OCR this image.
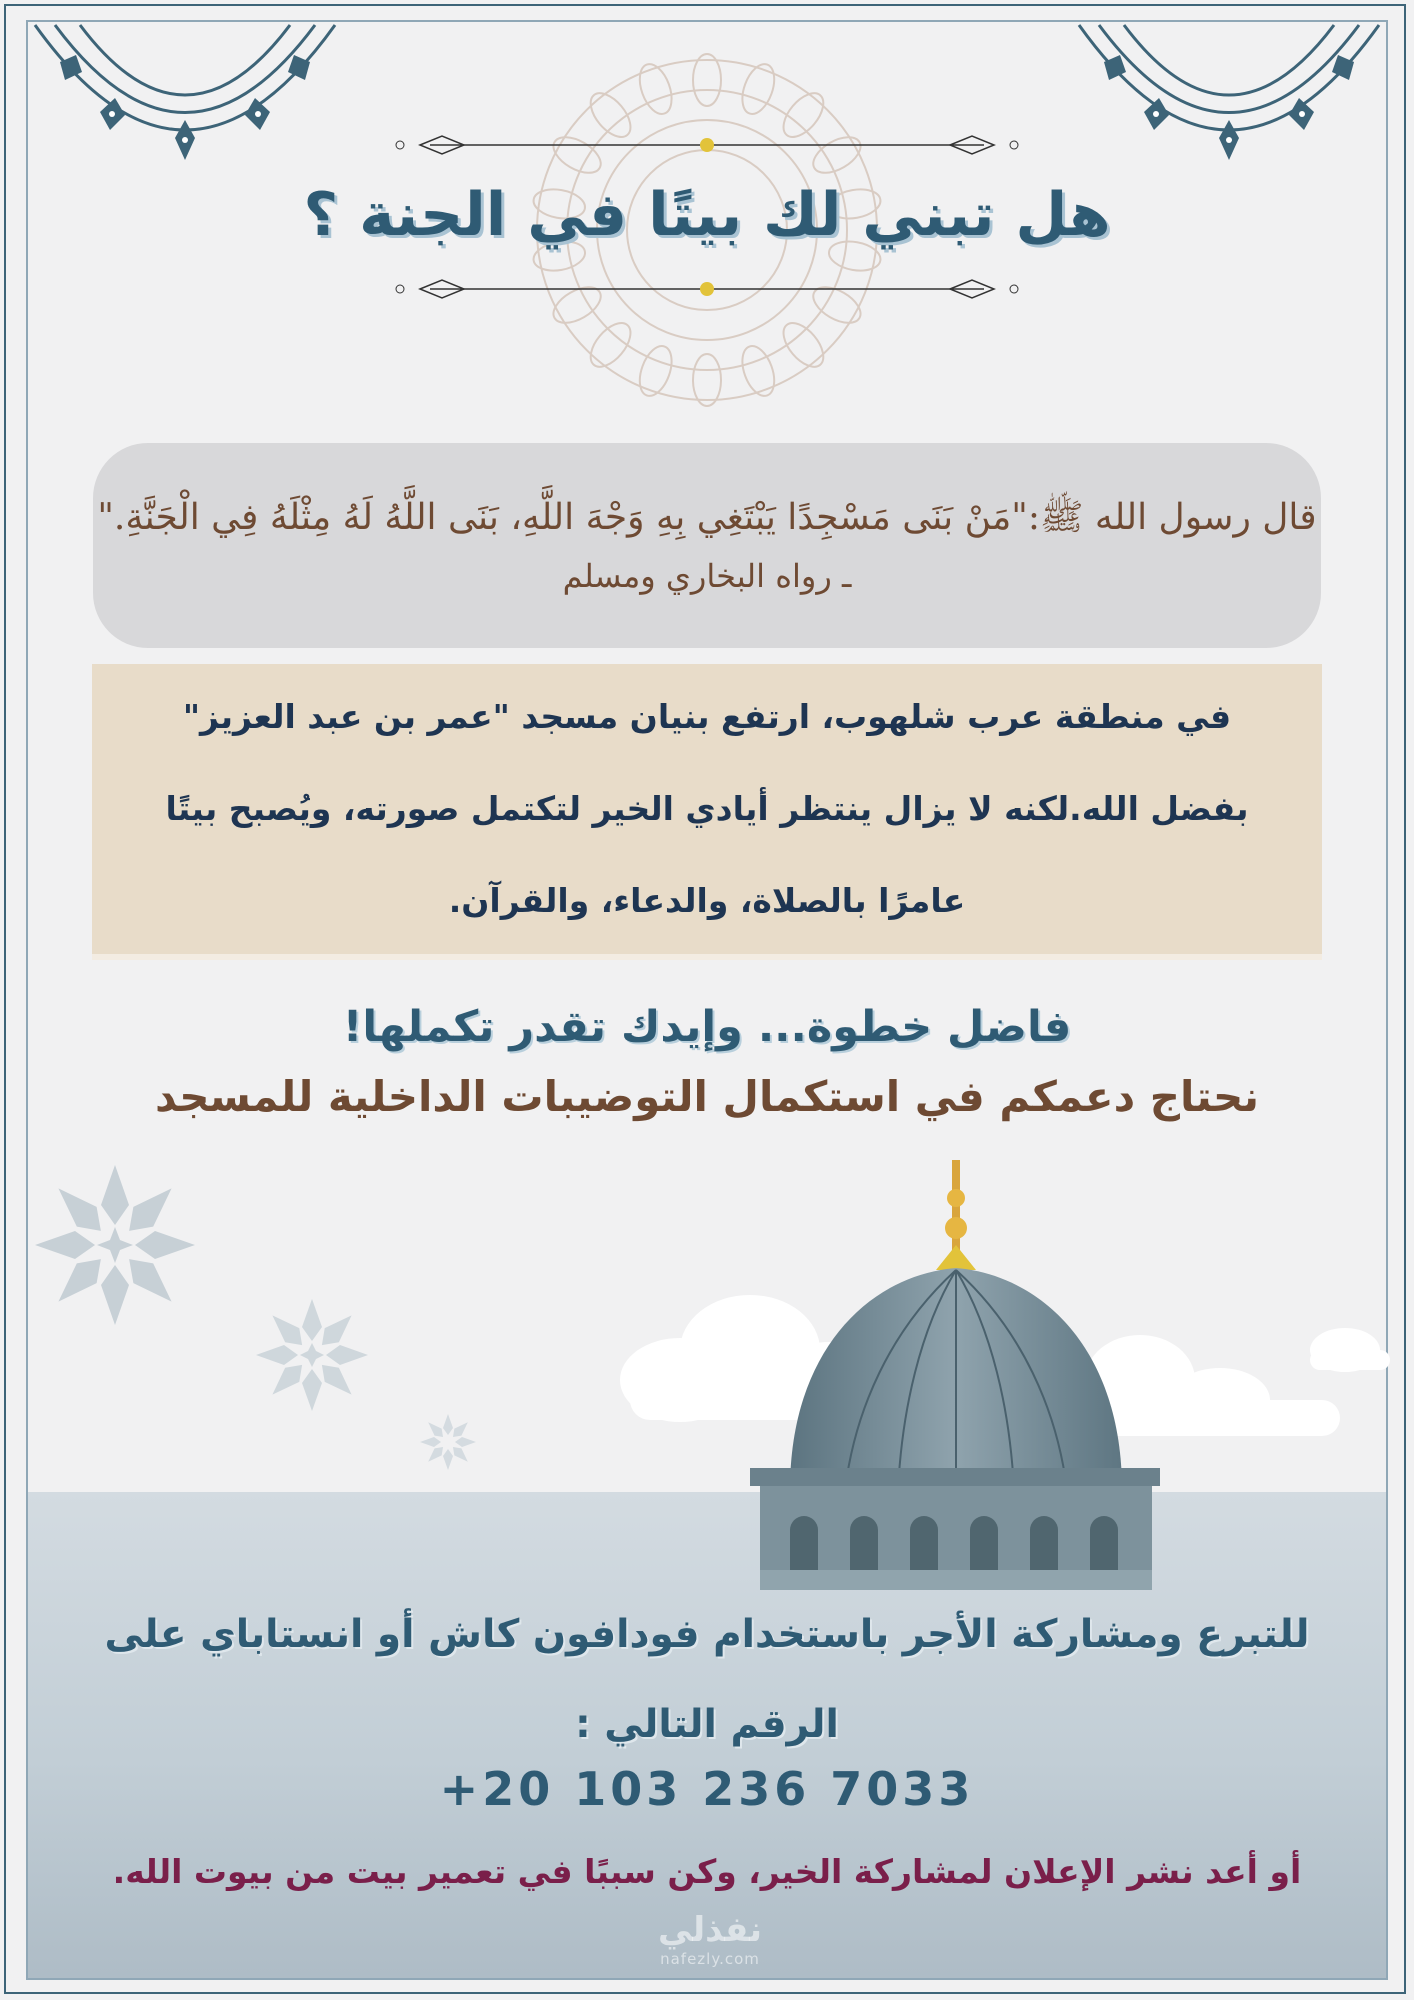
هل تبني لك بيتًا في الجنة ؟

قال رسول الله ﷺ:"مَنْ بَنَى مَسْجِدًا يَبْتَغِي بِهِ وَجْهَ اللَّهِ، بَنَى اللَّهُ لَهُ مِثْلَهُ فِي الْجَنَّةِ."

ـ رواه البخاري ومسلم

في منطقة عرب شلهوب، ارتفع بنيان مسجد "عمر بن عبد العزيز" بفضل الله.لكنه لا يزال ينتظر أيادي الخير لتكتمل صورته، ويُصبح بيتًا عامرًا بالصلاة، والدعاء، والقرآن.

فاضل خطوة... وإيدك تقدر تكملها!

نحتاج دعمكم في استكمال التوضيبات الداخلية للمسجد

للتبرع ومشاركة الأجر باستخدام فودافون كاش أو انستاباي على الرقم التالي :

+20 103 236 7033

أو أعد نشر الإعلان لمشاركة الخير، وكن سببًا في تعمير بيت من بيوت الله.

نفذلي
nafezly.com
